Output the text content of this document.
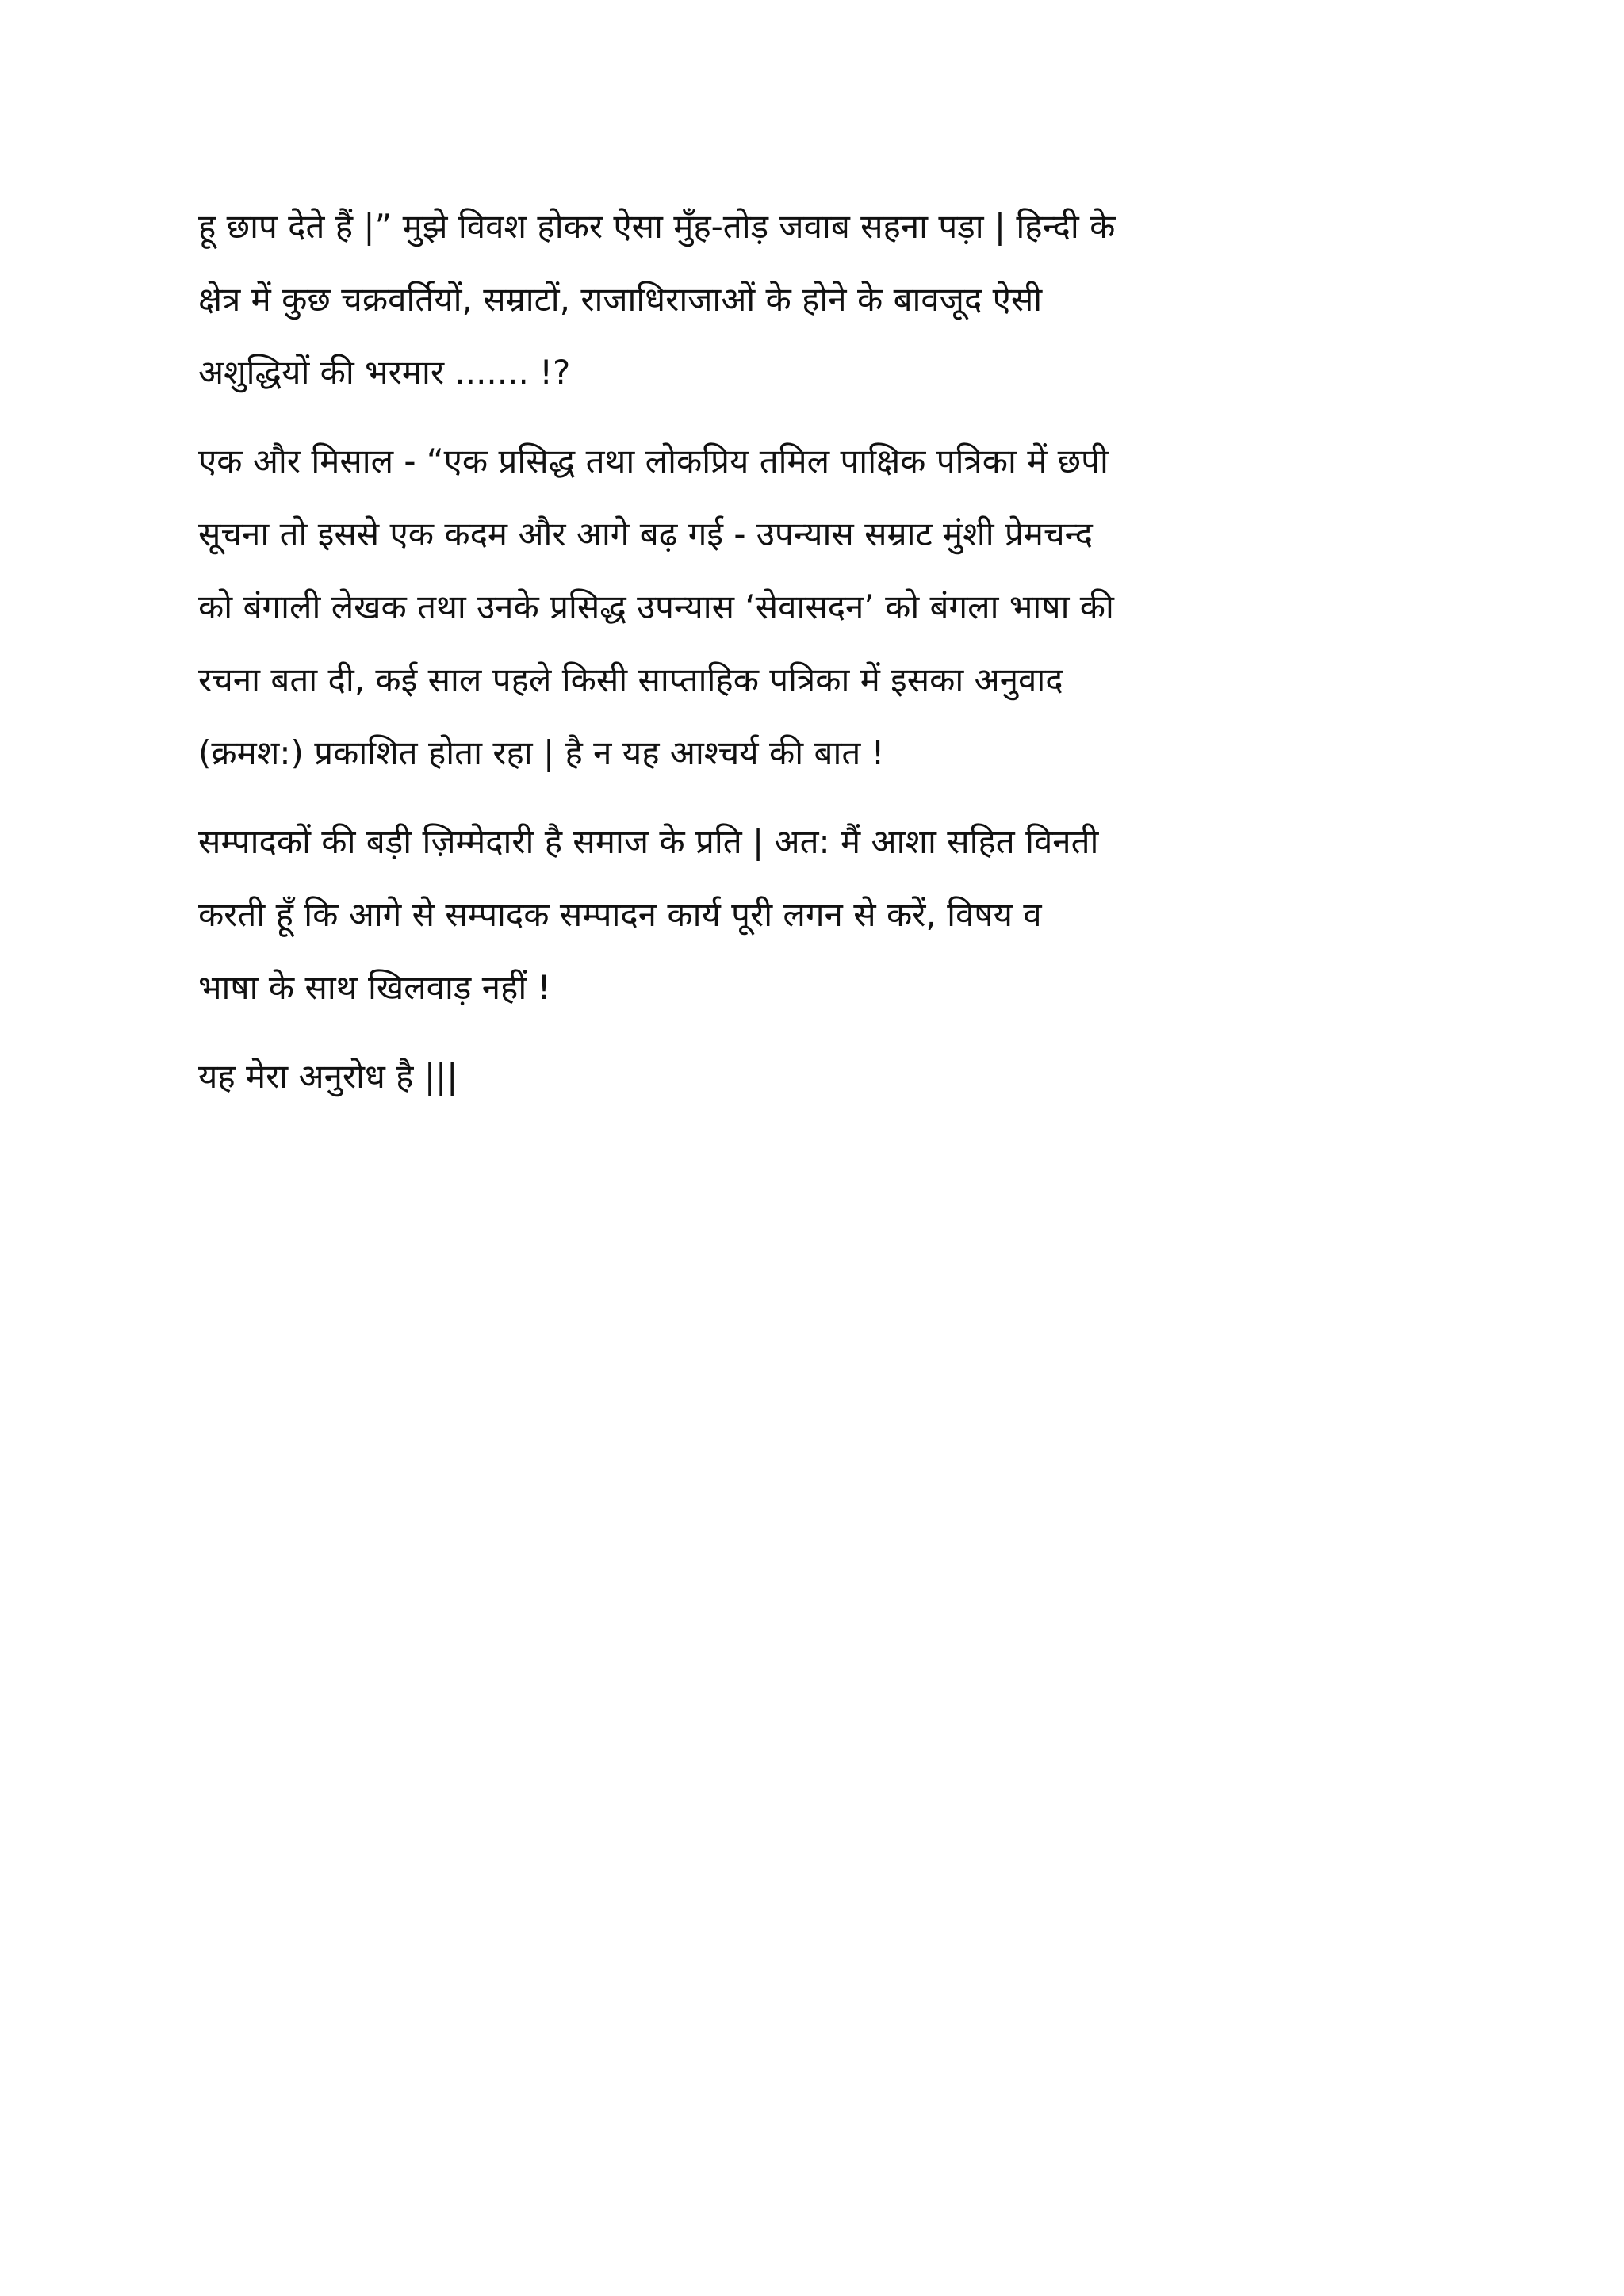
हू छाप देते हैं |” मुझे विवश होकर ऐसा मुँह-तोड़ जवाब सहना पड़ा | हिन्दी के
क्षेत्र में कुछ चक्रवर्तियों, सम्राटों, राजाधिराजाओं के होने के बावजूद ऐसी
अशुद्धियों की भरमार ....... !?

एक और मिसाल - “एक प्रसिद्ध तथा लोकप्रिय तमिल पाक्षिक पत्रिका में छपी
सूचना तो इससे एक कदम और आगे बढ़ गई - उपन्यास सम्राट मुंशी प्रेमचन्द
को बंगाली लेखक तथा उनके प्रसिद्ध उपन्यास ‘सेवासदन’ को बंगला भाषा की
रचना बता दी, कई साल पहले किसी साप्ताहिक पत्रिका में इसका अनुवाद
(क्रमश:) प्रकाशित होता रहा | है न यह आश्चर्य की बात !

सम्पादकों की बड़ी ज़िम्मेदारी है समाज के प्रति | अत: मैं आशा सहित विनती
करती हूँ कि आगे से सम्पादक सम्पादन कार्य पूरी लगन से करें, विषय व
भाषा के साथ खिलवाड़ नहीं !

यह मेरा अनुरोध है |||
